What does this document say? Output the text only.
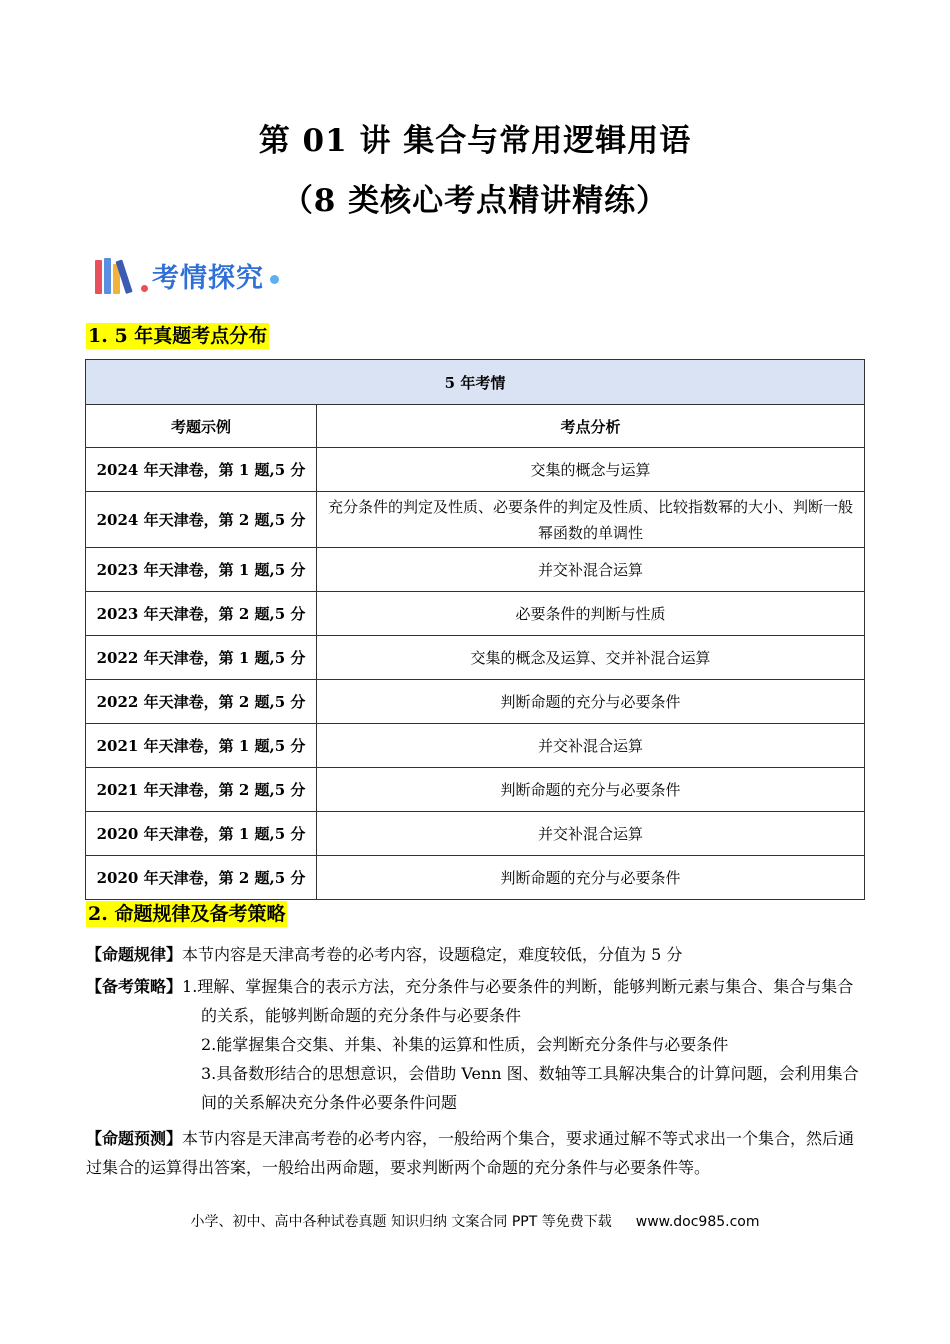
第 01 讲 集合与常用逻辑用语
（8 类核心考点精讲精练）
考情探究
1. 5 年真题考点分布
5 年考情	
考题示例	考点分析
2024 年天津卷，第 1 题,5 分	交集的概念与运算
2024 年天津卷，第 2 题,5 分	充分条件的判定及性质、必要条件的判定及性质、比较指数幂的大小、判断一般幂函数的单调性
2023 年天津卷，第 1 题,5 分	并交补混合运算
2023 年天津卷，第 2 题,5 分	必要条件的判断与性质
2022 年天津卷，第 1 题,5 分	交集的概念及运算、交并补混合运算
2022 年天津卷，第 2 题,5 分	判断命题的充分与必要条件
2021 年天津卷，第 1 题,5 分	并交补混合运算
2021 年天津卷，第 2 题,5 分	判断命题的充分与必要条件
2020 年天津卷，第 1 题,5 分	并交补混合运算
2020 年天津卷，第 2 题,5 分	判断命题的充分与必要条件
2. 命题规律及备考策略
【命题规律】本节内容是天津高考卷的必考内容，设题稳定，难度较低，分值为 5 分
【备考策略】1.理解、掌握集合的表示方法，充分条件与必要条件的判断，能够判断元素与集合、集合与集合的关系，能够判断命题的充分条件与必要条件
2.能掌握集合交集、并集、补集的运算和性质，会判断充分条件与必要条件
3.具备数形结合的思想意识，会借助 Venn 图、数轴等工具解决集合的计算问题，会利用集合间的关系解决充分条件必要条件问题
【命题预测】本节内容是天津高考卷的必考内容，一般给两个集合，要求通过解不等式求出一个集合，然后通过集合的运算得出答案，一般给出两命题，要求判断两个命题的充分条件与必要条件等。
小学、初中、高中各种试卷真题 知识归纳 文案合同 PPT 等免费下载 www.doc985.com
